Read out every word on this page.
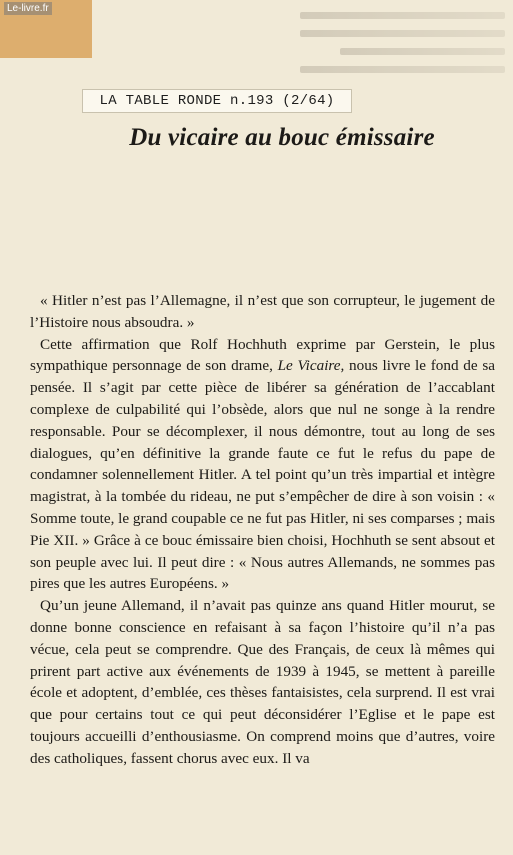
Le-livre.fr
LA TABLE RONDE n.193 (2/64)
Du vicaire au bouc émissaire

« Hitler n’est pas l’Allemagne, il n’est que son corrupteur, le jugement de l’Histoire nous absoudra. »

Cette affirmation que Rolf Hochhuth exprime par Gerstein, le plus sympathique personnage de son drame, Le Vicaire, nous livre le fond de sa pensée. Il s’agit par cette pièce de libérer sa génération de l’accablant complexe de culpabilité qui l’obsède, alors que nul ne songe à la rendre responsable. Pour se décomplexer, il nous démontre, tout au long de ses dialogues, qu’en définitive la grande faute ce fut le refus du pape de condamner solennellement Hitler. A tel point qu’un très impartial et intègre magistrat, à la tombée du rideau, ne put s’empêcher de dire à son voisin : « Somme toute, le grand coupable ce ne fut pas Hitler, ni ses comparses ; mais Pie XII. » Grâce à ce bouc émissaire bien choisi, Hochhuth se sent absout et son peuple avec lui. Il peut dire : « Nous autres Allemands, ne sommes pas pires que les autres Européens. »

Qu’un jeune Allemand, il n’avait pas quinze ans quand Hitler mourut, se donne bonne conscience en refaisant à sa façon l’histoire qu’il n’a pas vécue, cela peut se comprendre. Que des Français, de ceux là mêmes qui prirent part active aux événements de 1939 à 1945, se mettent à pareille école et adoptent, d’emblée, ces thèses fantaisistes, cela surprend. Il est vrai que pour certains tout ce qui peut déconsidérer l’Eglise et le pape est toujours accueilli d’enthousiasme. On comprend moins que d’autres, voire des catholiques, fassent chorus avec eux. Il va
